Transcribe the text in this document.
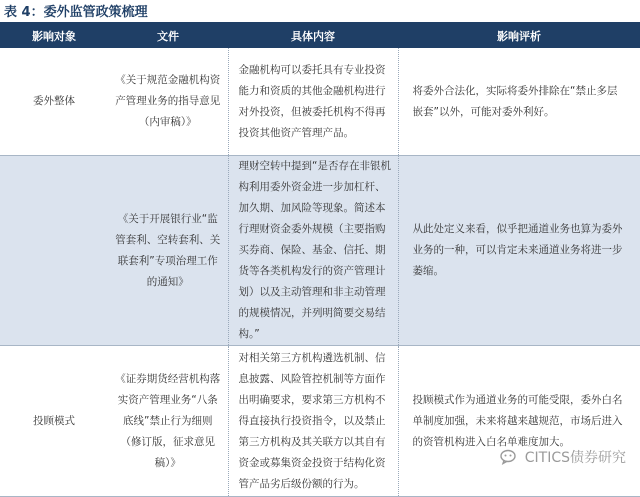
表 4：委外监管政策梳理
影响对象	文件	具体内容	影响评析
委外整体	《关于规范金融机构资产管理业务的指导意见（内审稿）》	金融机构可以委托具有专业投资能力和资质的其他金融机构进行对外投资，但被委托机构不得再投资其他资产管理产品。	将委外合法化，实际将委外排除在“禁止多层嵌套”以外，可能对委外利好。
	《关于开展银行业“监管套利、空转套利、关联套利”专项治理工作的通知》	理财空转中提到“是否存在非银机构利用委外资金进一步加杠杆、加久期、加风险等现象。简述本行理财资金委外规模（主要指购买券商、保险、基金、信托、期货等各类机构发行的资产管理计划）以及主动管理和非主动管理的规模情况，并列明简要交易结构。”	从此处定义来看，似乎把通道业务也算为委外业务的一种，可以肯定未来通道业务将进一步萎缩。
投顾模式	《证券期货经营机构落实资产管理业务“八条底线”禁止行为细则（修订版，征求意见稿）》	对相关第三方机构遴选机制、信息披露、风险管控机制等方面作出明确要求，要求第三方机构不得直接执行投资指令，以及禁止第三方机构及其关联方以其自有资金或募集资金投资于结构化资管产品劣后级份额的行为。	投顾模式作为通道业务的可能受限，委外白名单制度加强，未来将越来越规范，市场后进入的资管机构进入白名单难度加大。
CITICS债券研究
